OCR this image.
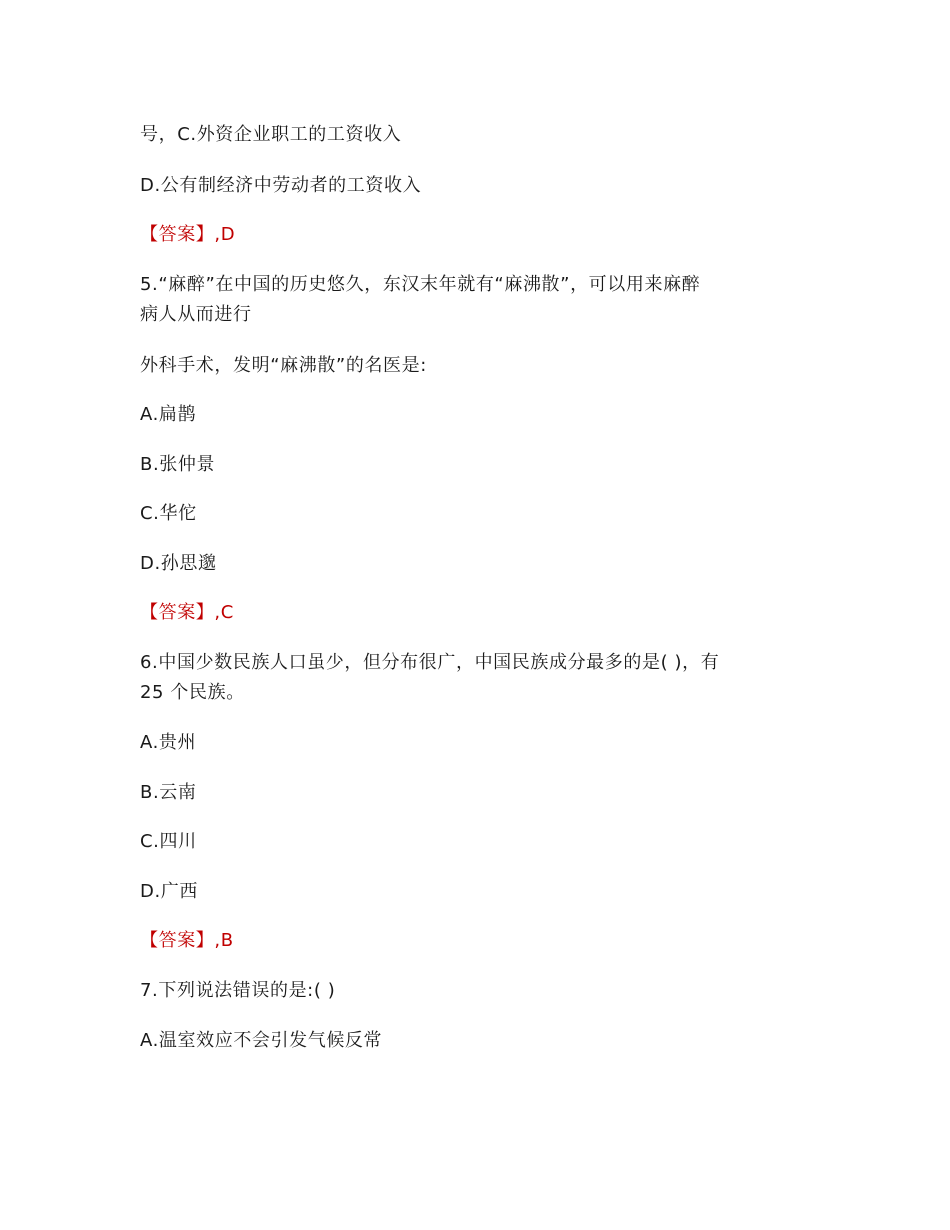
号，C.外资企业职工的工资收入
D.公有制经济中劳动者的工资收入
【答案】,D
5.“麻醉”在中国的历史悠久，东汉末年就有“麻沸散”，可以用来麻醉
病人从而进行
外科手术，发明“麻沸散”的名医是:
A.扁鹊
B.张仲景
C.华佗
D.孙思邈
【答案】,C
6.中国少数民族人口虽少，但分布很广，中国民族成分最多的是( )，有
25 个民族。
A.贵州
B.云南
C.四川
D.广西
【答案】,B
7.下列说法错误的是:( )
A.温室效应不会引发气候反常
